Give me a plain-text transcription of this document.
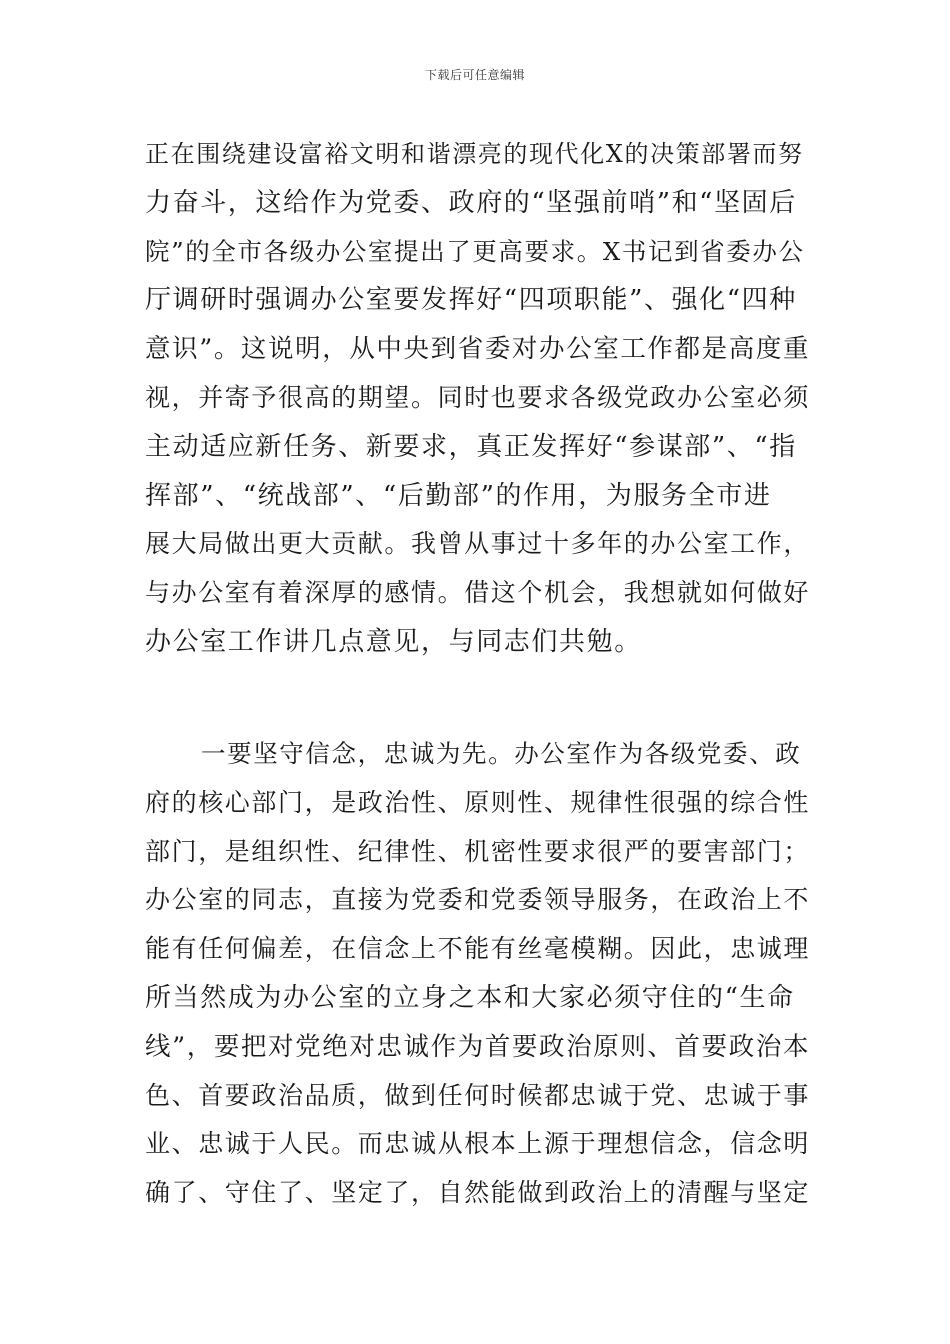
下载后可任意编辑
正在围绕建设富裕文明和谐漂亮的现代化X的决策部署而努
力奋斗，这给作为党委、政府的“坚强前哨”和“坚固后
院”的全市各级办公室提出了更高要求。X书记到省委办公
厅调研时强调办公室要发挥好“四项职能”、强化“四种
意识”。这说明，从中央到省委对办公室工作都是高度重
视，并寄予很高的期望。同时也要求各级党政办公室必须
主动适应新任务、新要求，真正发挥好“参谋部”、“指
挥部”、“统战部”、“后勤部”的作用，为服务全市进
展大局做出更大贡献。我曾从事过十多年的办公室工作，
与办公室有着深厚的感情。借这个机会，我想就如何做好
办公室工作讲几点意见，与同志们共勉。
一要坚守信念，忠诚为先。办公室作为各级党委、政
府的核心部门，是政治性、原则性、规律性很强的综合性
部门，是组织性、纪律性、机密性要求很严的要害部门；
办公室的同志，直接为党委和党委领导服务，在政治上不
能有任何偏差，在信念上不能有丝毫模糊。因此，忠诚理
所当然成为办公室的立身之本和大家必须守住的“生命
线”，要把对党绝对忠诚作为首要政治原则、首要政治本
色、首要政治品质，做到任何时候都忠诚于党、忠诚于事
业、忠诚于人民。而忠诚从根本上源于理想信念，信念明
确了、守住了、坚定了，自然能做到政治上的清醒与坚定
